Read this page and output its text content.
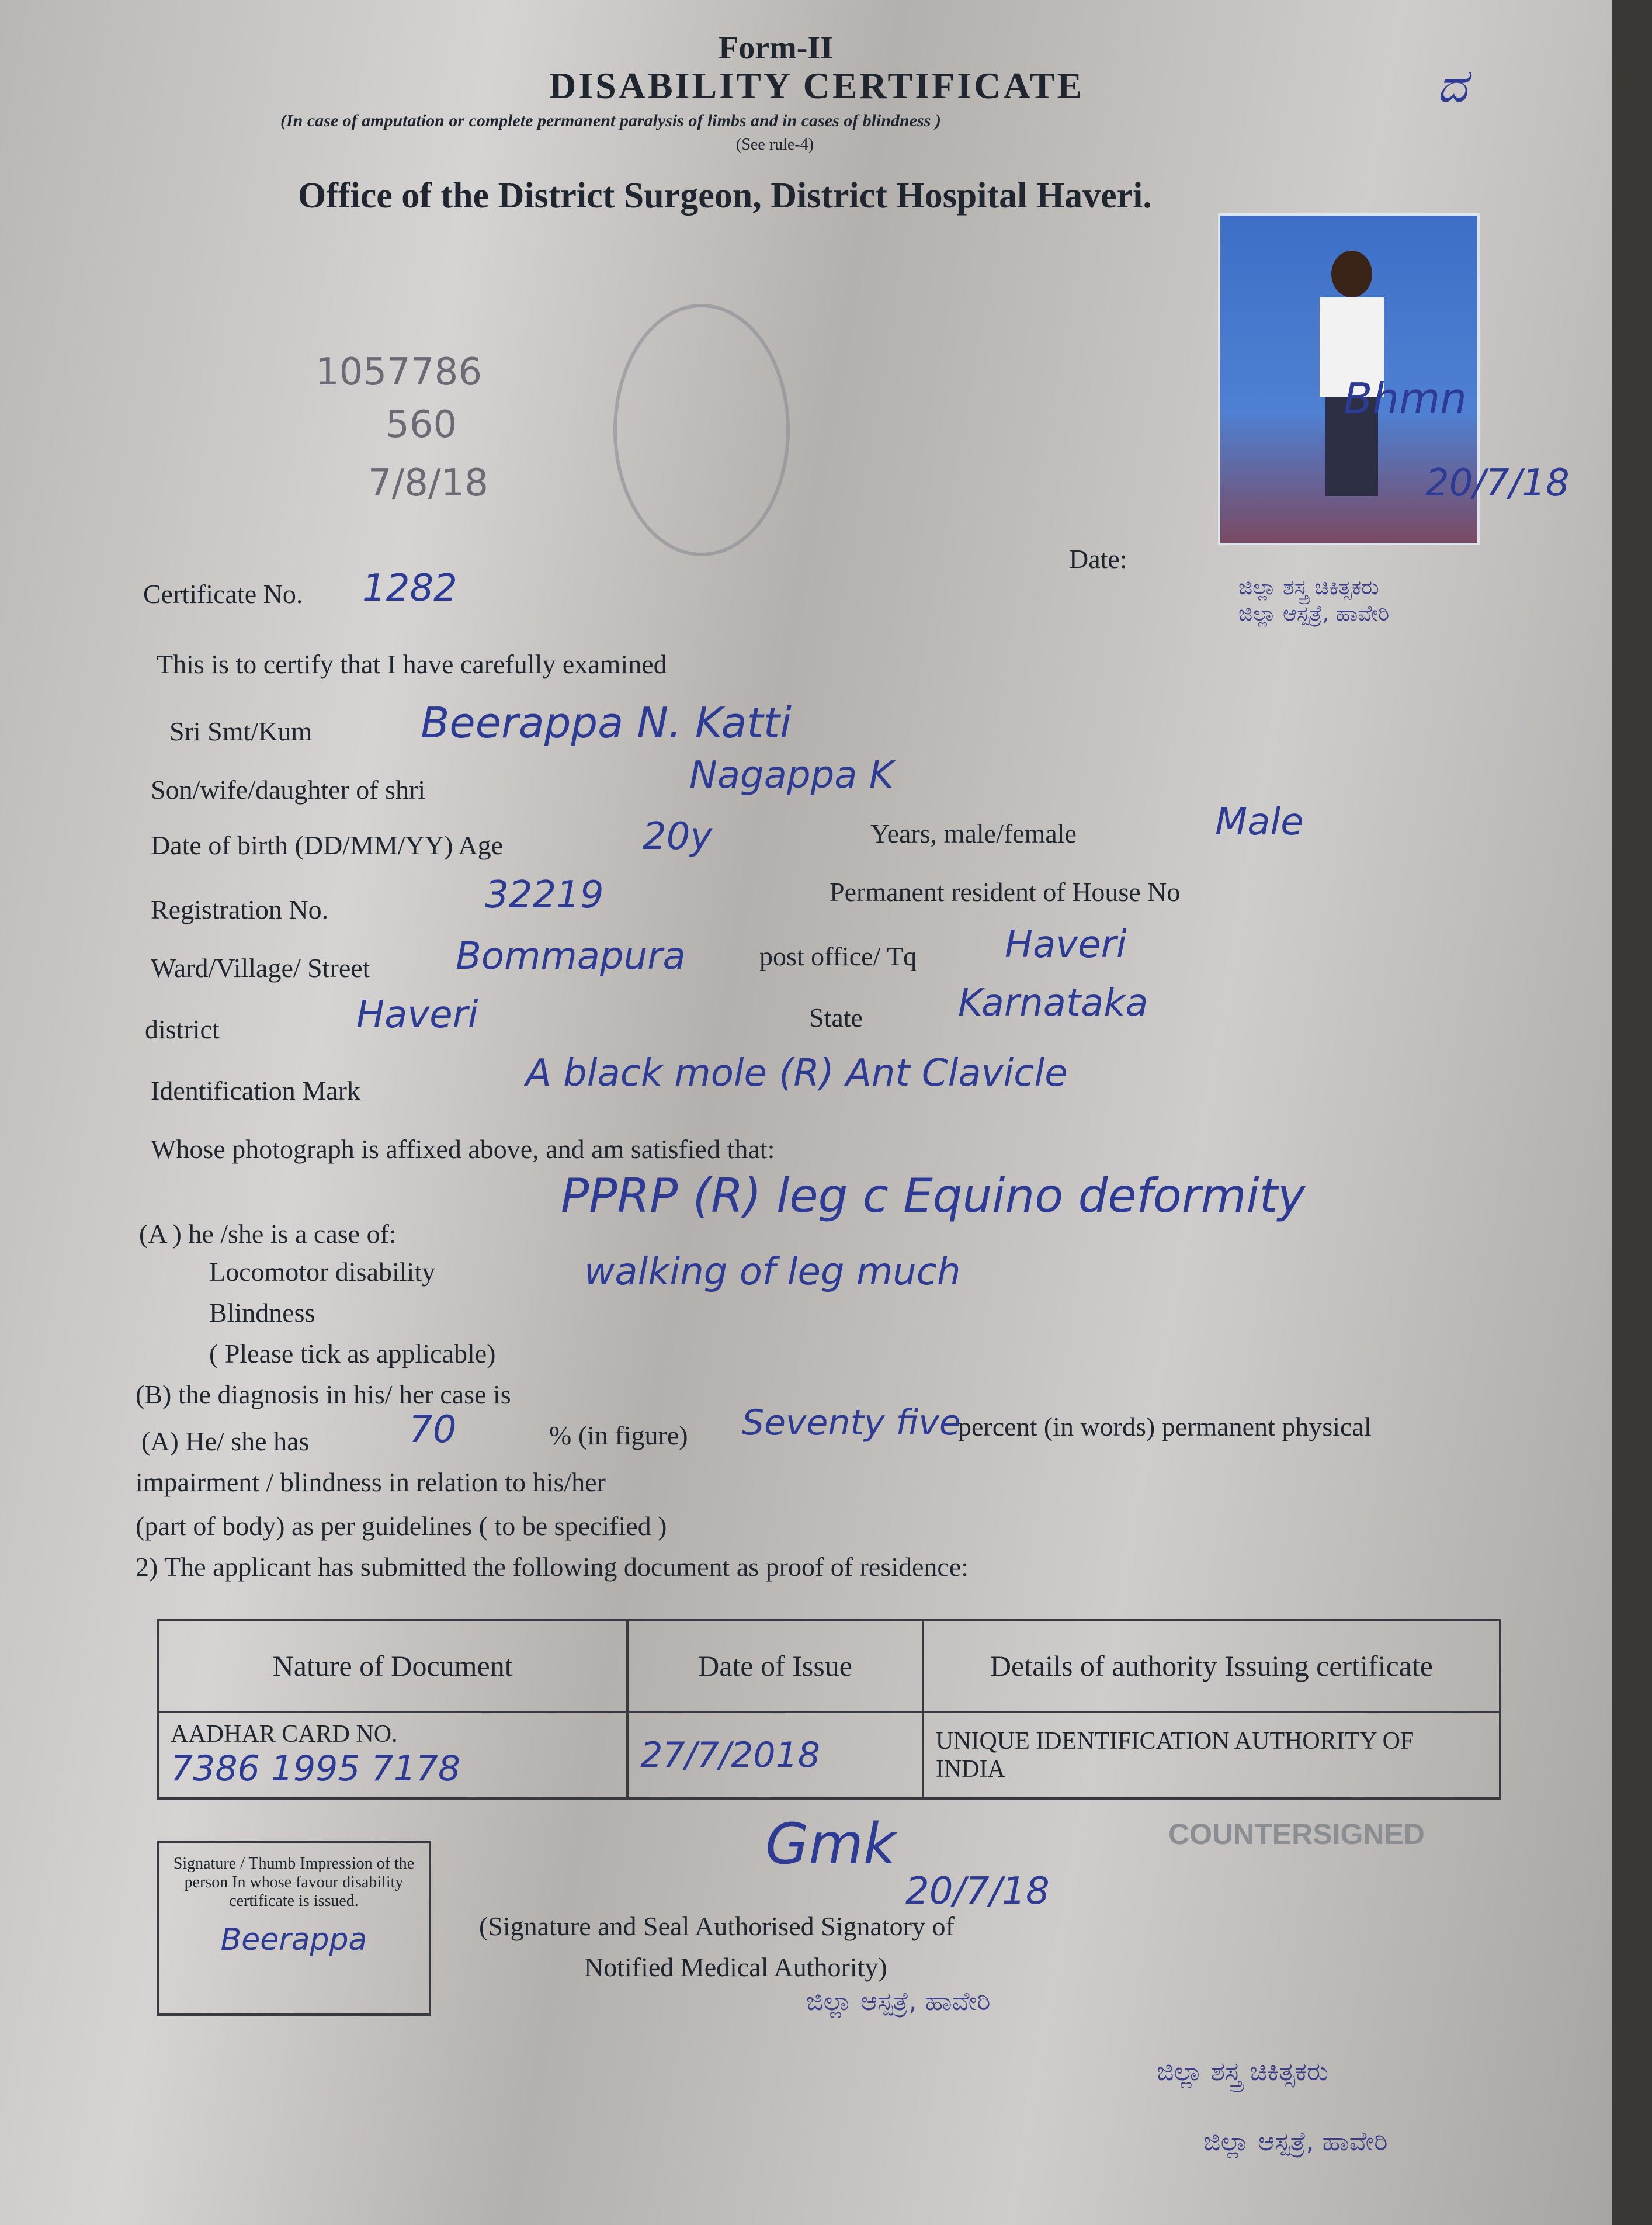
Form-II
DISABILITY CERTIFICATE
(In case of amputation or complete permanent paralysis of limbs and in cases of blindness )
(See rule-4)
Office of the District Surgeon, District Hospital Haveri.
ದ
Bhmn
20/7/18
1057786
560
7/8/18
Date:
ಜಿಲ್ಲಾ ಶಸ್ತ್ರ ಚಿಕಿತ್ಸಕರು
ಜಿಲ್ಲಾ ಆಸ್ಪತ್ರೆ, ಹಾವೇರಿ
Certificate No. 1282
This is to certify that I have carefully examined
Sri Smt/Kum	Beerappa N. Katti
Son/wife/daughter of shri	Nagappa K
Date of birth (DD/MM/YY) Age	20y	Years, male/female	Male
Registration No.	32219	Permanent resident of House No
Ward/Village/ Street Bommapura	post office/ Tq Haveri
district	Haveri	State	Karnataka
Identification Mark	A black mole (R) Ant Clavicle
Whose photograph is affixed above, and am satisfied that:
(A ) he /she is a case of:
PPRP (R) leg c Equino deformity
walking of leg much
Locomotor disability
Blindness
( Please tick as applicable)
(B) the diagnosis in his/ her case is
(A) He/ she has	70	% (in figure) Seventy five
percent (in words) permanent physical
impairment / blindness in relation to his/her
(part of body) as per guidelines ( to be specified )
2) The applicant has submitted the following document as proof of residence:
Nature of Document	Date of Issue	Details of authority Issuing certificate

AADHAR CARD NO.
7386 1995 7178	27/7/2018	UNIQUE IDENTIFICATION AUTHORITY OF INDIA
Signature / Thumb Impression of the person In whose favour disability certificate is issued.
Beerappa
Gmk
20/7/18
COUNTERSIGNED
(Signature and Seal Authorised Signatory of
Notified Medical Authority)
ಜಿಲ್ಲಾ ಆಸ್ಪತ್ರೆ, ಹಾವೇರಿ
ಜಿಲ್ಲಾ ಶಸ್ತ್ರ ಚಿಕಿತ್ಸಕರು
ಜಿಲ್ಲಾ ಆಸ್ಪತ್ರೆ, ಹಾವೇರಿ
